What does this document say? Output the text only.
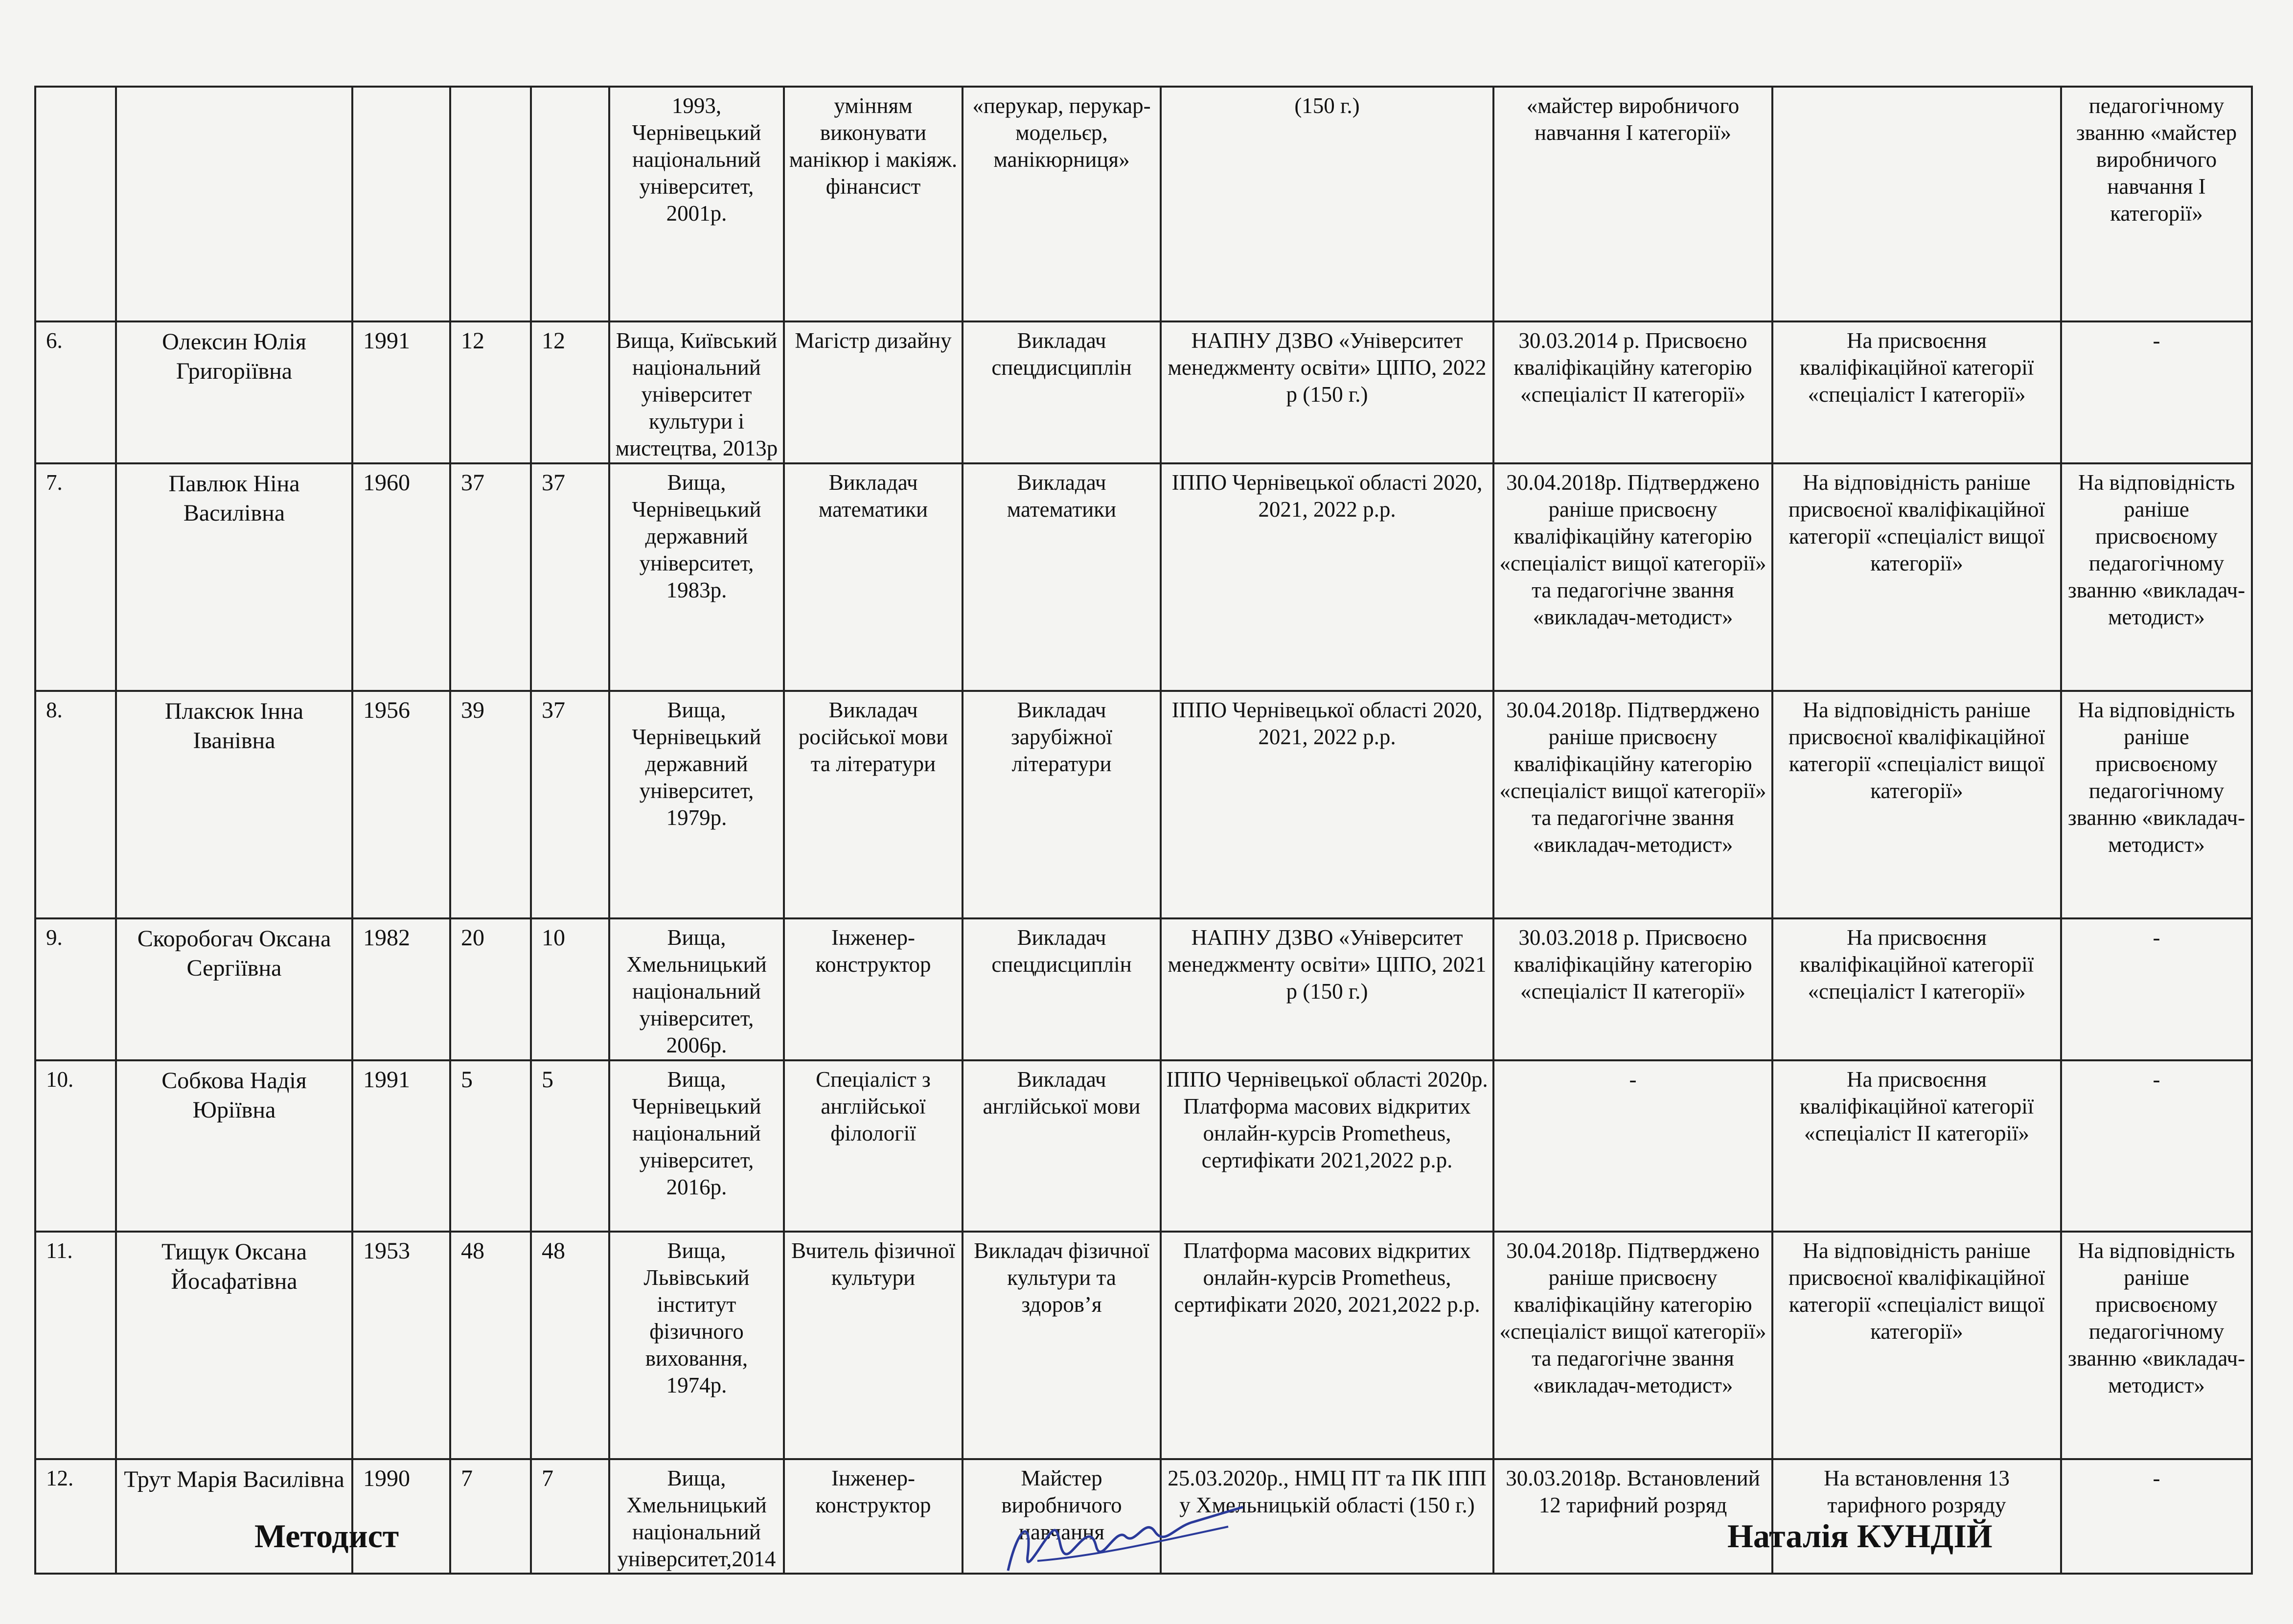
					1993, Чернівецький національний університет, 2001р.	умінням виконувати манікюр і макіяж. фінансист	«перукар, перукар-модельєр, манікюрниця»	(150 г.)	«майстер виробничого навчання І категорії»		педагогічному званню «майстер виробничого навчання І категорії»
6.	Олексин Юлія Григоріївна	1991	12	12	Вища, Київський національний університет культури і мистецтва, 2013р	Магістр дизайну	Викладач спецдисциплін	НАПНУ ДЗВО «Університет менеджменту освіти» ЦІПО, 2022 р (150 г.)	30.03.2014 р. Присвоєно кваліфікаційну категорію «спеціаліст ІІ категорії»	На присвоєння кваліфікаційної категорії «спеціаліст І категорії»	-
7.	Павлюк Ніна Василівна	1960	37	37	Вища, Чернівецький державний університет, 1983р.	Викладач математики	Викладач математики	ІППО Чернівецької області 2020, 2021, 2022 р.р.	30.04.2018р. Підтверджено раніше присвоєну кваліфікаційну категорію «спеціаліст вищої категорії» та педагогічне звання «викладач-методист»	На відповідність раніше присвоєної кваліфікаційної категорії «спеціаліст вищої категорії»	На відповідність раніше присвоєному педагогічному званню «викладач-методист»
8.	Плаксюк Інна Іванівна	1956	39	37	Вища, Чернівецький державний університет, 1979р.	Викладач російської мови та літератури	Викладач зарубіжної літератури	ІППО Чернівецької області 2020, 2021, 2022 р.р.	30.04.2018р. Підтверджено раніше присвоєну кваліфікаційну категорію «спеціаліст вищої категорії» та педагогічне звання «викладач-методист»	На відповідність раніше присвоєної кваліфікаційної категорії «спеціаліст вищої категорії»	На відповідність раніше присвоєному педагогічному званню «викладач-методист»
9.	Скоробогач Оксана Сергіївна	1982	20	10	Вища, Хмельницький національний університет, 2006р.	Інженер-конструктор	Викладач спецдисциплін	НАПНУ ДЗВО «Університет менеджменту освіти» ЦІПО, 2021 р (150 г.)	30.03.2018 р. Присвоєно кваліфікаційну категорію «спеціаліст ІІ категорії»	На присвоєння кваліфікаційної категорії «спеціаліст І категорії»	-
10.	Собкова Надія Юріївна	1991	5	5	Вища, Чернівецький національний університет, 2016р.	Спеціаліст з англійської філології	Викладач англійської мови	ІППО Чернівецької області 2020р. Платформа масових відкритих онлайн-курсів Prometheus, сертифікати 2021,2022 р.р.	-	На присвоєння кваліфікаційної категорії «спеціаліст ІІ категорії»	-
11.	Тищук Оксана Йосафатівна	1953	48	48	Вища, Львівський інститут фізичного виховання, 1974р.	Вчитель фізичної культури	Викладач фізичної культури та здоров’я	Платформа масових відкритих онлайн-курсів Prometheus, сертифікати 2020, 2021,2022 р.р.	30.04.2018р. Підтверджено раніше присвоєну кваліфікаційну категорію «спеціаліст вищої категорії» та педагогічне звання «викладач-методист»	На відповідність раніше присвоєної кваліфікаційної категорії «спеціаліст вищої категорії»	На відповідність раніше присвоєному педагогічному званню «викладач-методист»
12.	Трут Марія Василівна	1990	7	7	Вища, Хмельницький національний університет,2014	Інженер-конструктор	Майстер виробничого навчання	25.03.2020р., НМЦ ПТ та ПК ІПП у Хмельницькій області (150 г.)	30.03.2018р. Встановлений 12 тарифний розряд	На встановлення 13 тарифного розряду	-
Методист	Наталія КУНДІЙ
